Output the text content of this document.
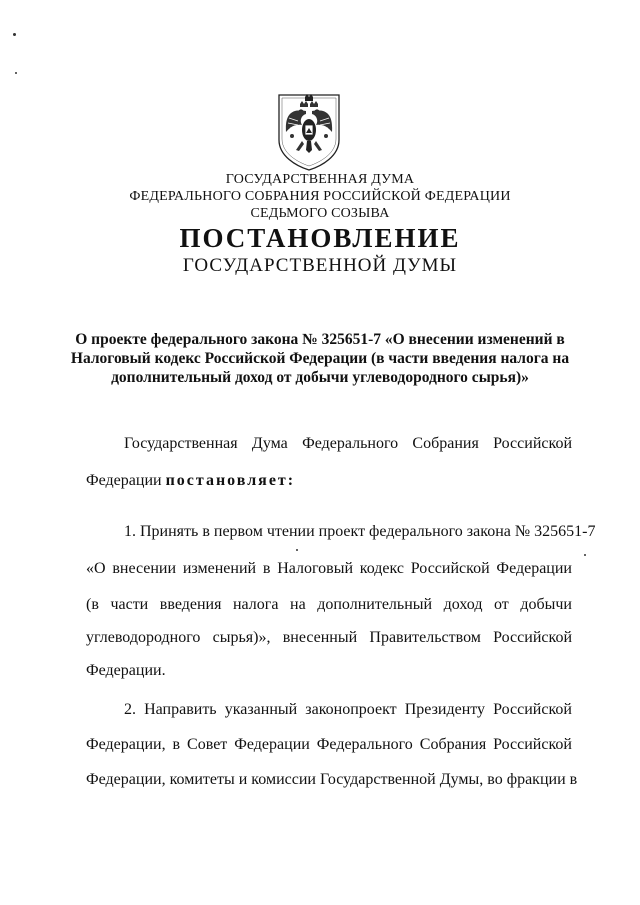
ГОСУДАРСТВЕННАЯ ДУМА
ФЕДЕРАЛЬНОГО СОБРАНИЯ РОССИЙСКОЙ ФЕДЕРАЦИИ
СЕДЬМОГО СОЗЫВА
ПОСТАНОВЛЕНИЕ
ГОСУДАРСТВЕННОЙ ДУМЫ
О проекте федерального закона № 325651-7 «О внесении изменений в Налоговый кодекс Российской Федерации (в части введения налога на дополнительный доход от добычи углеводородного сырья)»
Государственная Дума Федерального Собрания Российской
Федерации постановляет:
1. Принять в первом чтении проект федерального закона № 325651-7
«О внесении изменений в Налоговый кодекс Российской Федерации
(в части введения налога на дополнительный доход от добычи
углеводородного сырья)», внесенный Правительством Российской
Федерации.
2. Направить указанный законопроект Президенту Российской
Федерации, в Совет Федерации Федерального Собрания Российской
Федерации, комитеты и комиссии Государственной Думы, во фракции в
